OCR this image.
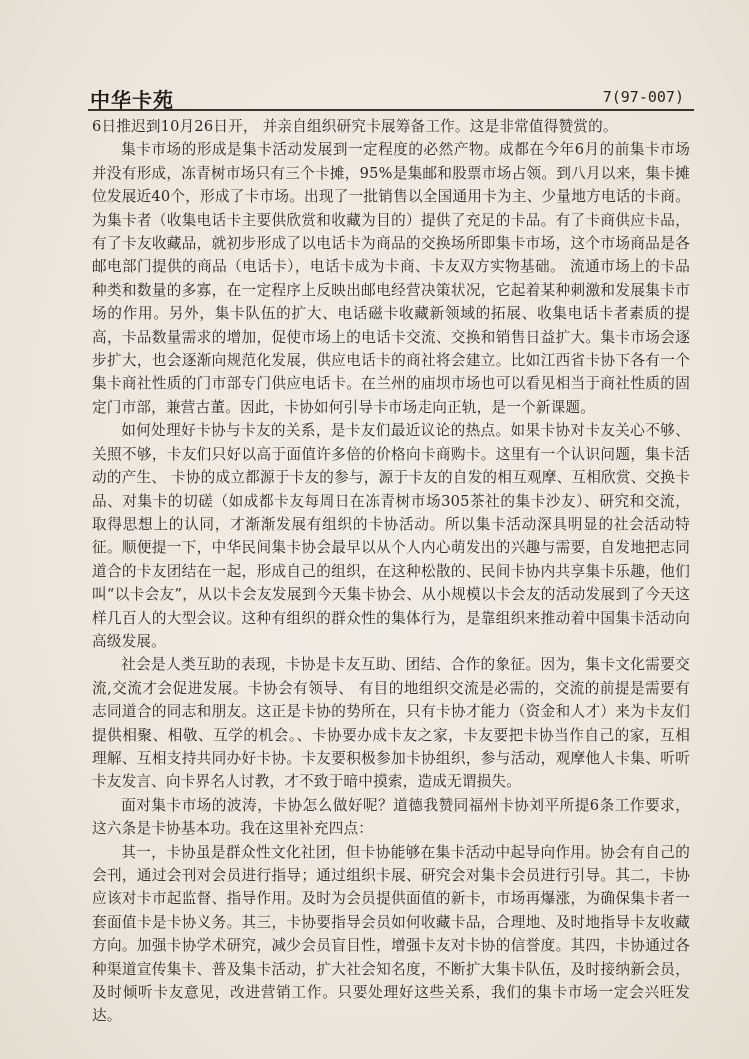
中华卡苑	7(97-007)

6日推迟到10月26日开， 并亲自组织研究卡展筹备工作。这是非常值得赞赏的。

集卡市场的形成是集卡活动发展到一定程度的必然产物。成都在今年6月的前集卡市场并没有形成，冻青树市场只有三个卡摊，95%是集邮和股票市场占领。到八月以来，集卡摊位发展近40个，形成了卡市场。出现了一批销售以全国通用卡为主、少量地方电话的卡商。为集卡者（收集电话卡主要供欣赏和收藏为目的）提供了充足的卡品。有了卡商供应卡品，有了卡友收藏品，就初步形成了以电话卡为商品的交换场所即集卡市场，这个市场商品是各邮电部门提供的商品（电话卡），电话卡成为卡商、卡友双方实物基础。 流通市场上的卡品种类和数量的多寡，在一定程序上反映出邮电经营决策状况，它起着某种刺激和发展集卡市场的作用。另外，集卡队伍的扩大、电话磁卡收藏新领域的拓展、收集电话卡者素质的提高，卡品数量需求的增加，促使市场上的电话卡交流、交换和销售日益扩大。集卡市场会逐步扩大，也会逐渐向规范化发展，供应电话卡的商社将会建立。比如江西省卡协下各有一个集卡商社性质的门市部专门供应电话卡。在兰州的庙坝市场也可以看见相当于商社性质的固定门市部，兼营古董。因此，卡协如何引导卡市场走向正轨，是一个新课题。

如何处理好卡协与卡友的关系，是卡友们最近议论的热点。如果卡协对卡友关心不够、关照不够，卡友们只好以高于面值许多倍的价格向卡商购卡。这里有一个认识问题，集卡活动的产生、 卡协的成立都源于卡友的参与，源于卡友的自发的相互观摩、互相欣赏、交换卡品、对集卡的切磋（如成都卡友每周日在冻青树市场305茶社的集卡沙友）、研究和交流，取得思想上的认同，才渐渐发展有组织的卡协活动。所以集卡活动深具明显的社会活动特征。顺便提一下，中华民间集卡协会最早以从个人内心萌发出的兴趣与需要，自发地把志同道合的卡友团结在一起，形成自己的组织，在这种松散的、民间卡协内共享集卡乐趣，他们叫“以卡会友”，从以卡会友发展到今天集卡协会、从小规模以卡会友的活动发展到了今天这样几百人的大型会议。这种有组织的群众性的集体行为，是靠组织来推动着中国集卡活动向高级发展。

社会是人类互助的表现，卡协是卡友互助、团结、合作的象征。因为，集卡文化需要交流,交流才会促进发展。卡协会有领导、 有目的地组织交流是必需的，交流的前提是需要有志同道合的同志和朋友。这正是卡协的势所在，只有卡协才能力（资金和人才）来为卡友们提供相聚、相敬、互学的机会。、卡协要办成卡友之家，卡友要把卡协当作自己的家，互相理解、互相支持共同办好卡协。卡友要积极参加卡协组织，参与活动，观摩他人卡集、听听卡友发言、向卡界名人讨教，才不致于暗中摸索，造成无谓损失。

面对集卡市场的波涛，卡协怎么做好呢？道德我赞同福州卡协刘平所提6条工作要求，这六条是卡协基本功。我在这里补充四点：

其一，卡协虽是群众性文化社团，但卡协能够在集卡活动中起导向作用。协会有自己的会刊，通过会刊对会员进行指导；通过组织卡展、研究会对集卡会员进行引导。其二，卡协应该对卡市起监督、指导作用。及时为会员提供面值的新卡，市场再爆涨，为确保集卡者一套面值卡是卡协义务。其三，卡协要指导会员如何收藏卡品，合理地、及时地指导卡友收藏方向。加强卡协学术研究，减少会员盲目性，增强卡友对卡协的信誉度。其四，卡协通过各种渠道宣传集卡、普及集卡活动，扩大社会知名度，不断扩大集卡队伍，及时接纳新会员，及时倾听卡友意见，改进营销工作。只要处理好这些关系，我们的集卡市场一定会兴旺发达。
